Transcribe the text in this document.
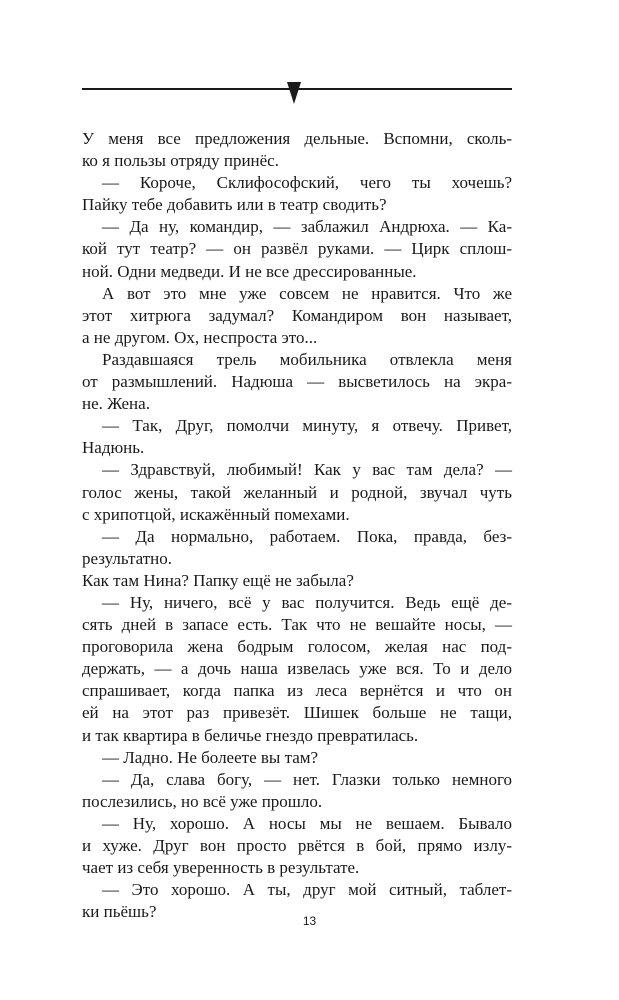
У меня все предложения дельные. Вспомни, сколь-
ко я пользы отряду принёс.
— Короче, Склифософский, чего ты хочешь?
Пайку тебе добавить или в театр сводить?
— Да ну, командир, — заблажил Андрюха. — Ка-
кой тут театр? — он развёл руками. — Цирк сплош-
ной. Одни медведи. И не все дрессированные.
А вот это мне уже совсем не нравится. Что же
этот хитрюга задумал? Командиром вон называет,
а не другом. Ох, неспроста это...
Раздавшаяся трель мобильника отвлекла меня
от размышлений. Надюша — высветилось на экра-
не. Жена.
— Так, Друг, помолчи минуту, я отвечу. Привет,
Надюнь.
— Здравствуй, любимый! Как у вас там дела? —
голос жены, такой желанный и родной, звучал чуть
с хрипотцой, искажённый помехами.
— Да нормально, работаем. Пока, правда, без-
результатно.
Как там Нина? Папку ещё не забыла?
— Ну, ничего, всё у вас получится. Ведь ещё де-
сять дней в запасе есть. Так что не вешайте носы, —
проговорила жена бодрым голосом, желая нас под-
держать, — а дочь наша извелась уже вся. То и дело
спрашивает, когда папка из леса вернётся и что он
ей на этот раз привезёт. Шишек больше не тащи,
и так квартира в беличье гнездо превратилась.
— Ладно. Не болеете вы там?
— Да, слава богу, — нет. Глазки только немного
послезились, но всё уже прошло.
— Ну, хорошо. А носы мы не вешаем. Бывало
и хуже. Друг вон просто рвётся в бой, прямо излу-
чает из себя уверенность в результате.
— Это хорошо. А ты, друг мой ситный, таблет-
ки пьёшь?	13
